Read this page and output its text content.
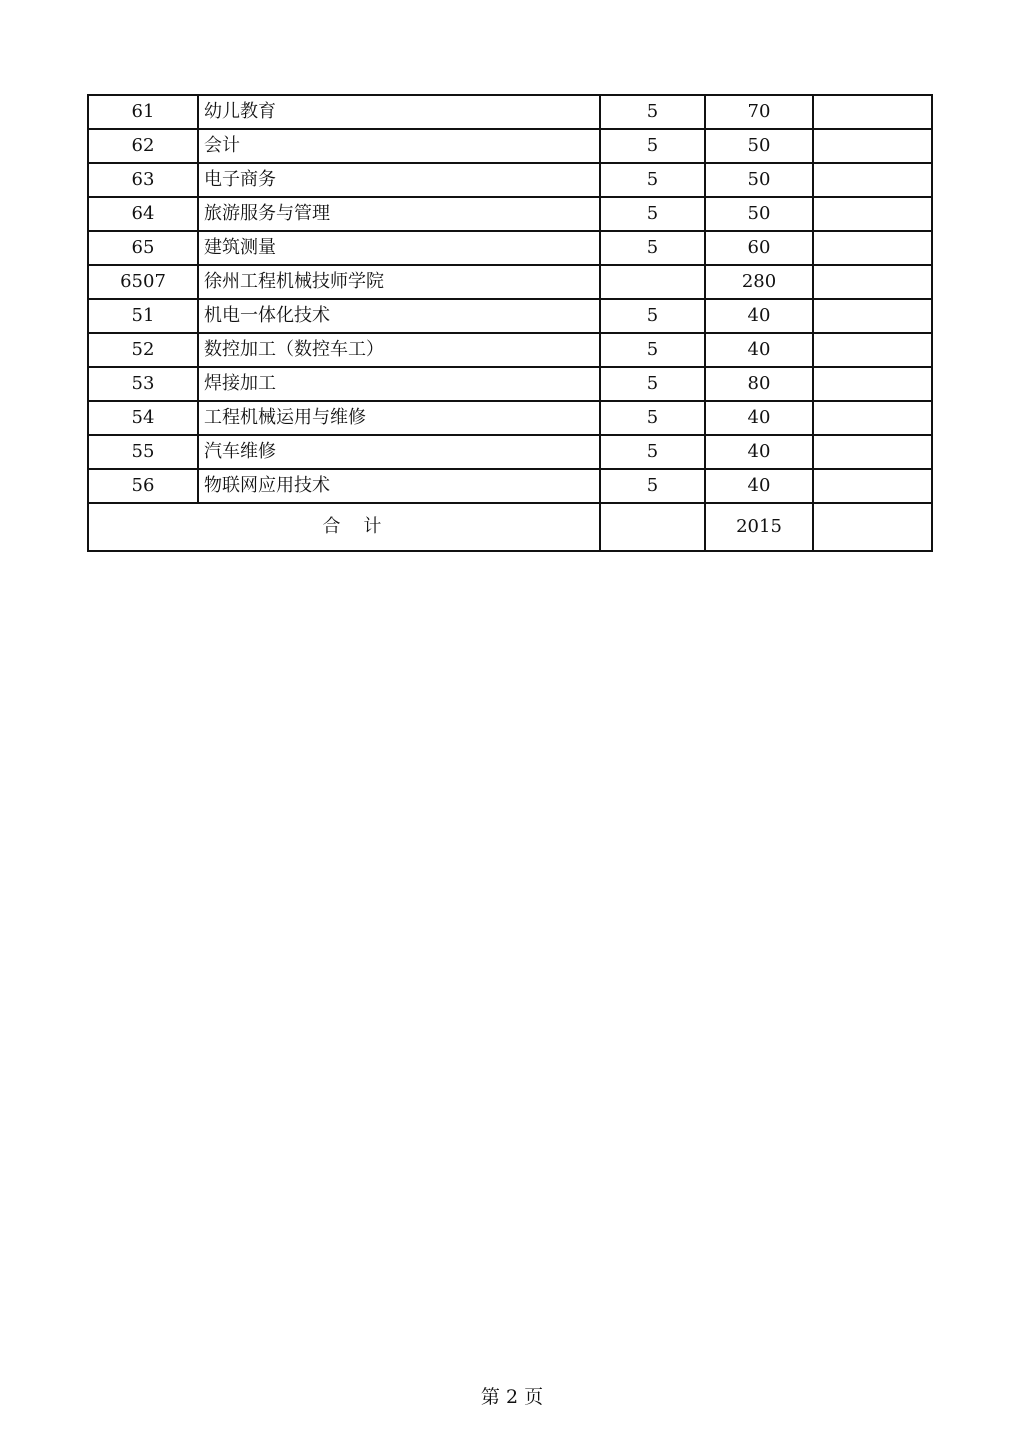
61	幼儿教育	5	70	
62	会计	5	50	
63	电子商务	5	50	
64	旅游服务与管理	5	50	
65	建筑测量	5	60	
6507	徐州工程机械技师学院		280	
51	机电一体化技术	5	40	
52	数控加工（数控车工）	5	40	
53	焊接加工	5	80	
54	工程机械运用与维修	5	40	
55	汽车维修	5	40	
56	物联网应用技术	5	40	
合    计			2015	
第 2 页
